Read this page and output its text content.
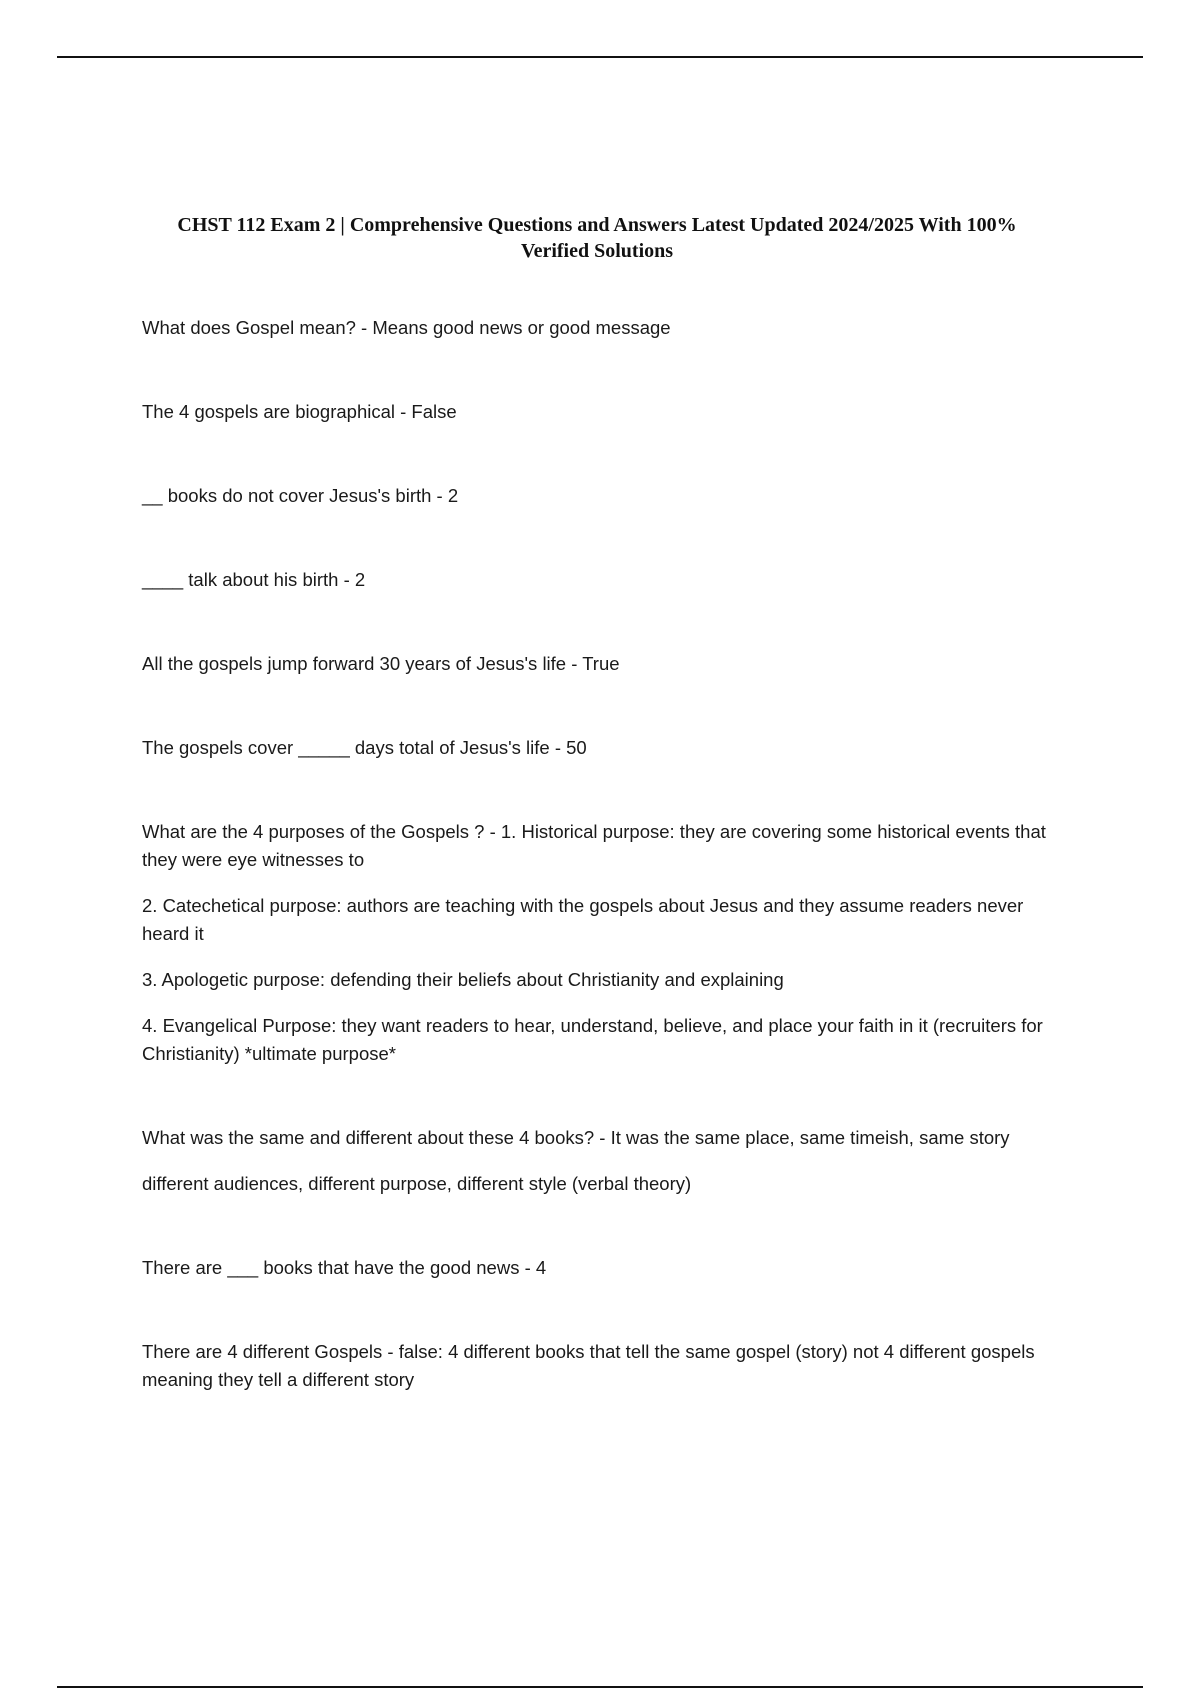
CHST 112 Exam 2 | Comprehensive Questions and Answers Latest Updated 2024/2025 With 100% Verified Solutions

What does Gospel mean? - Means good news or good message

The 4 gospels are biographical - False

__ books do not cover Jesus's birth - 2

____ talk about his birth - 2

All the gospels jump forward 30 years of Jesus's life - True

The gospels cover _____ days total of Jesus's life - 50

What are the 4 purposes of the Gospels ? - 1. Historical purpose: they are covering some historical events that they were eye witnesses to

2. Catechetical purpose: authors are teaching with the gospels about Jesus and they assume readers never heard it

3. Apologetic purpose: defending their beliefs about Christianity and explaining

4. Evangelical Purpose: they want readers to hear, understand, believe, and place your faith in it (recruiters for Christianity) *ultimate purpose*

What was the same and different about these 4 books? - It was the same place, same timeish, same story

different audiences, different purpose, different style (verbal theory)

There are ___ books that have the good news - 4

There are 4 different Gospels - false: 4 different books that tell the same gospel (story) not 4 different gospels meaning they tell a different story
